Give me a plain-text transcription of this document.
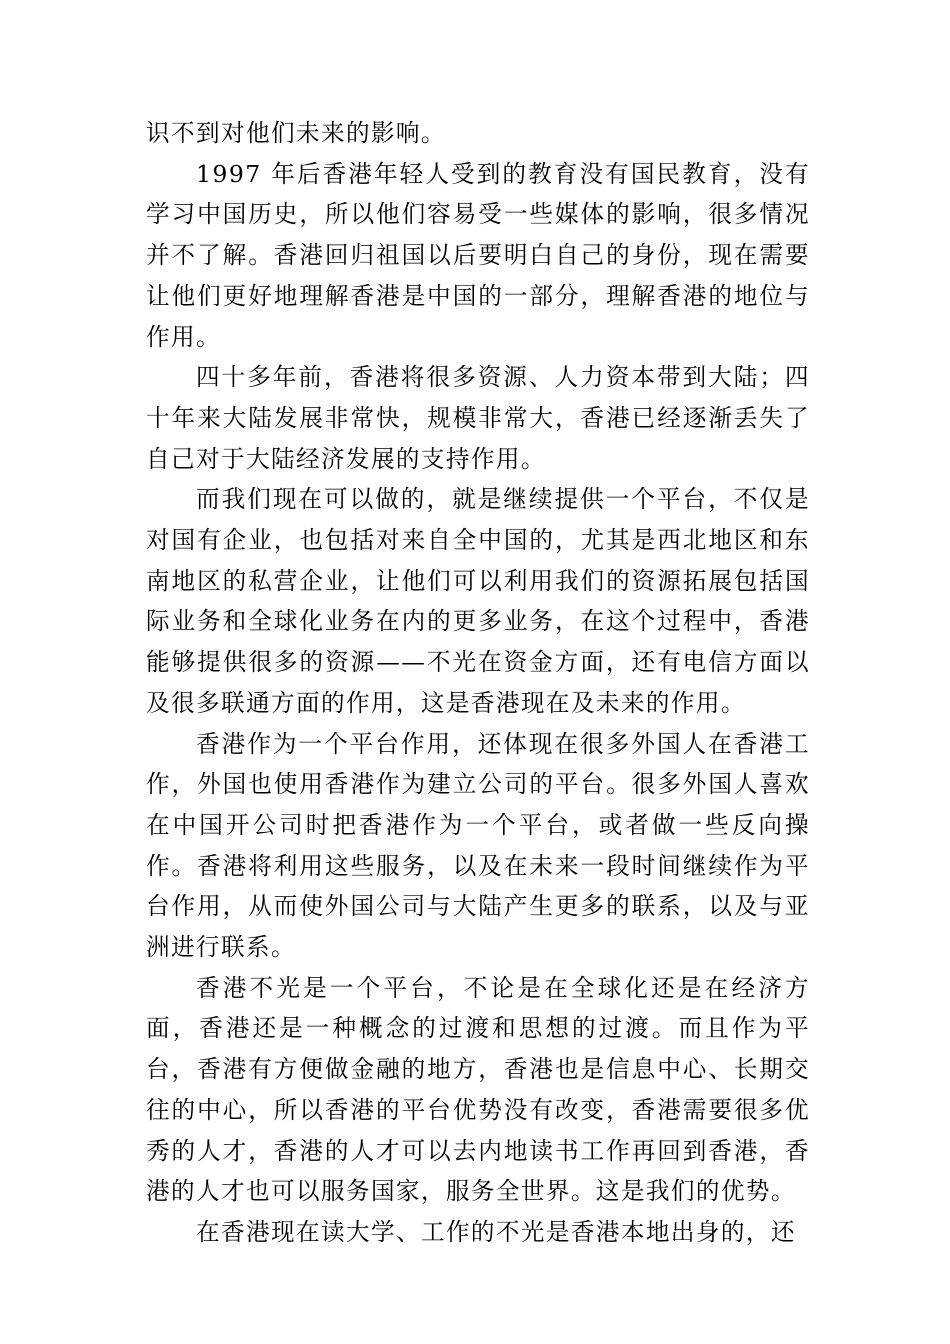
识不到对他们未来的影响。

1997 年后香港年轻人受到的教育没有国民教育，没有学习中国历史，所以他们容易受一些媒体的影响，很多情况并不了解。香港回归祖国以后要明白自己的身份，现在需要让他们更好地理解香港是中国的一部分，理解香港的地位与作用。

四十多年前，香港将很多资源、人力资本带到大陆；四十年来大陆发展非常快，规模非常大，香港已经逐渐丢失了自己对于大陆经济发展的支持作用。

而我们现在可以做的，就是继续提供一个平台，不仅是对国有企业，也包括对来自全中国的，尤其是西北地区和东南地区的私营企业，让他们可以利用我们的资源拓展包括国际业务和全球化业务在内的更多业务，在这个过程中，香港能够提供很多的资源——不光在资金方面，还有电信方面以及很多联通方面的作用，这是香港现在及未来的作用。

香港作为一个平台作用，还体现在很多外国人在香港工作，外国也使用香港作为建立公司的平台。很多外国人喜欢在中国开公司时把香港作为一个平台，或者做一些反向操作。香港将利用这些服务，以及在未来一段时间继续作为平台作用，从而使外国公司与大陆产生更多的联系，以及与亚洲进行联系。

香港不光是一个平台，不论是在全球化还是在经济方面，香港还是一种概念的过渡和思想的过渡。而且作为平台，香港有方便做金融的地方，香港也是信息中心、长期交往的中心，所以香港的平台优势没有改变，香港需要很多优秀的人才，香港的人才可以去内地读书工作再回到香港，香港的人才也可以服务国家，服务全世界。这是我们的优势。

在香港现在读大学、工作的不光是香港本地出身的，还
